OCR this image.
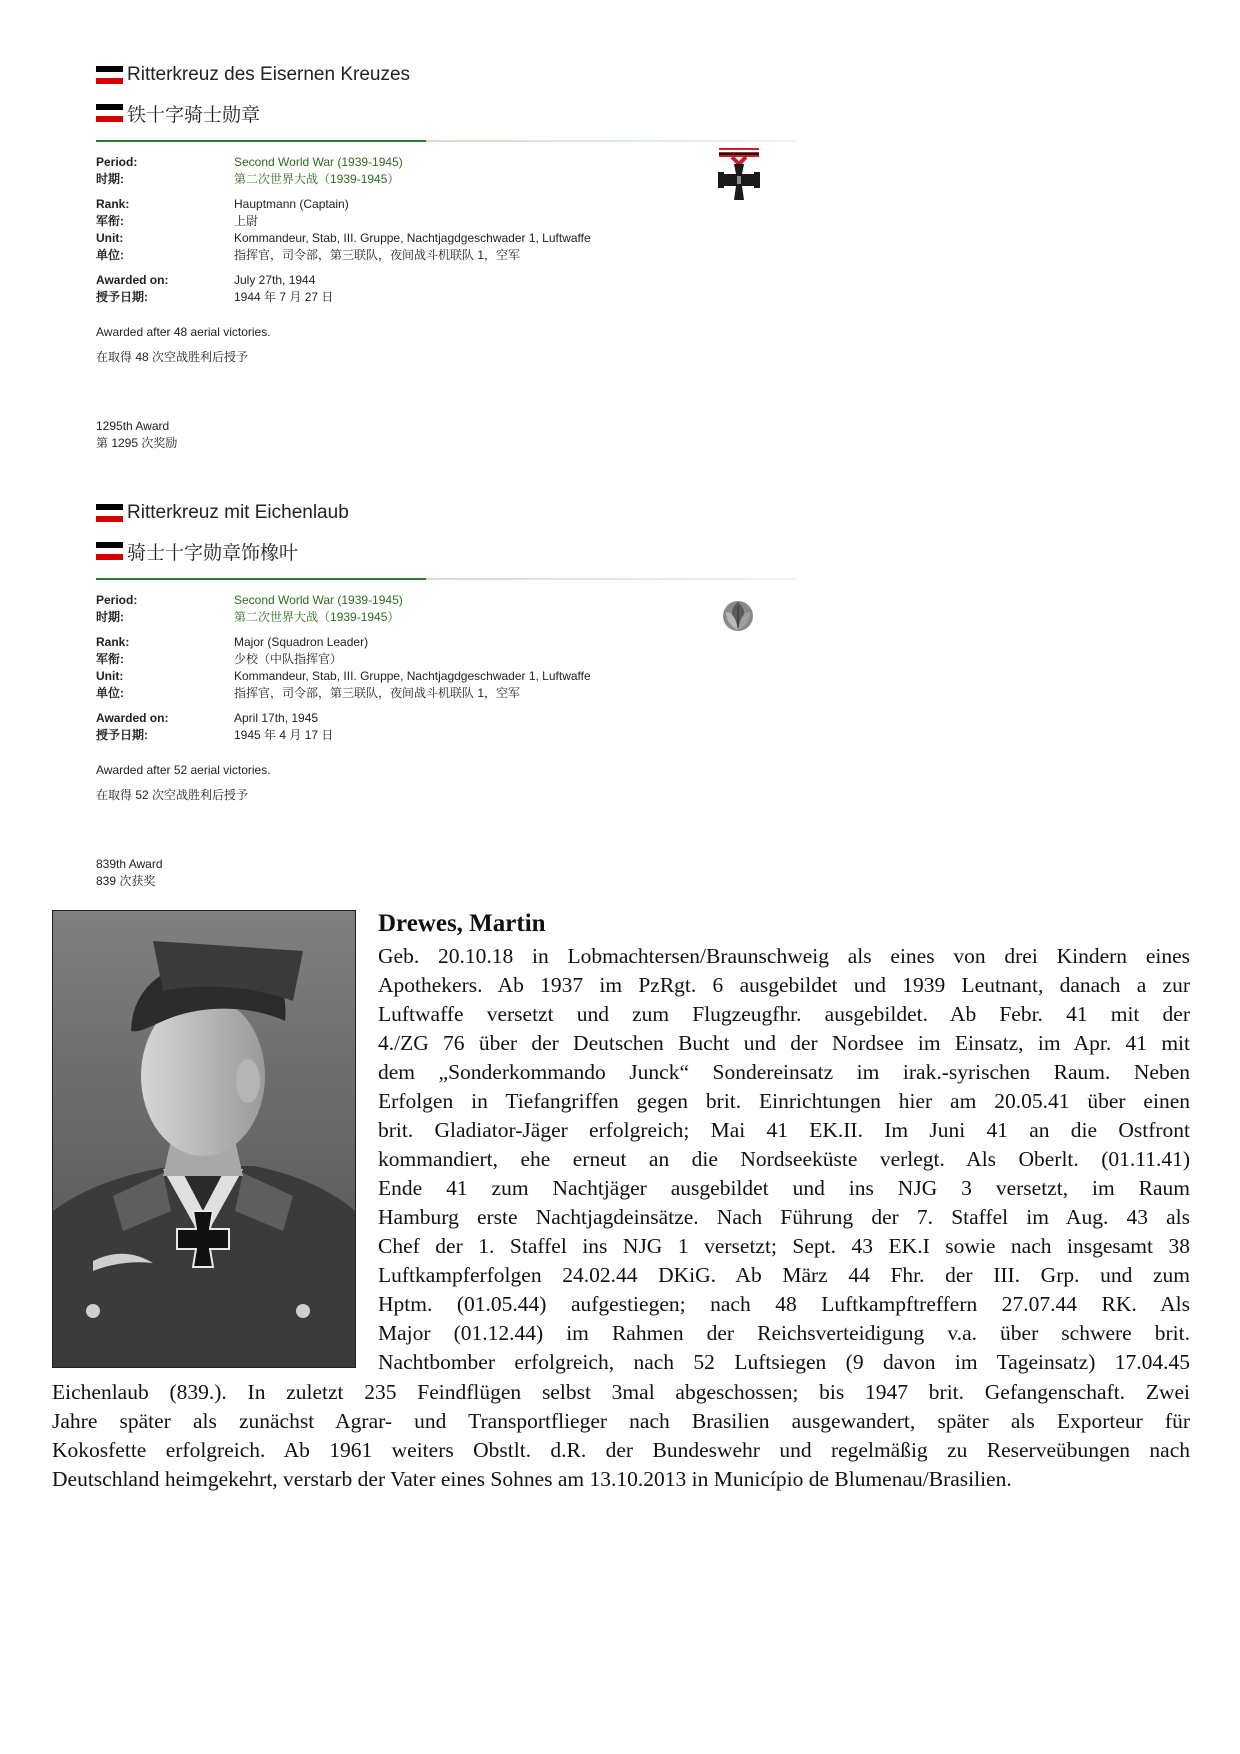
Ritterkreuz des Eisernen Kreuzes
铁十字骑士勋章
Period:	Second World War (1939-1945)
时期:	第二次世界大战（1939-1945）
Rank:	Hauptmann (Captain)
军衔:	上尉
Unit:	Kommandeur, Stab, III. Gruppe, Nachtjagdgeschwader 1, Luftwaffe
单位:	指挥官，司令部，第三联队，夜间战斗机联队 1，空军
Awarded on:	July 27th, 1944
授予日期:	1944 年 7 月 27 日
Awarded after 48 aerial victories.
在取得 48 次空战胜利后授予
1295th Award
第 1295 次奖励
Ritterkreuz mit Eichenlaub
骑士十字勋章饰橡叶
Period:	Second World War (1939-1945)
时期:	第二次世界大战（1939-1945）
Rank:	Major (Squadron Leader)
军衔:	少校（中队指挥官）
Unit:	Kommandeur, Stab, III. Gruppe, Nachtjagdgeschwader 1, Luftwaffe
单位:	指挥官，司令部，第三联队，夜间战斗机联队 1，空军
Awarded on:	April 17th, 1945
授予日期:	1945 年 4 月 17 日
Awarded after 52 aerial victories.
在取得 52 次空战胜利后授予
839th Award
839 次获奖
Drewes, Martin
Geb. 20.10.18 in Lobmachtersen/Braunschweig als eines von drei Kindern eines
Apothekers. Ab 1937 im PzRgt. 6 ausgebildet und 1939 Leutnant, danach a zur
Luftwaffe versetzt und zum Flugzeugfhr. ausgebildet. Ab Febr. 41 mit der
4./ZG 76 über der Deutschen Bucht und der Nordsee im Einsatz, im Apr. 41 mit
dem „Sonderkommando Junck“ Sondereinsatz im irak.-syrischen Raum. Neben
Erfolgen in Tiefangriffen gegen brit. Einrichtungen hier am 20.05.41 über einen
brit. Gladiator-Jäger erfolgreich; Mai 41 EK.II. Im Juni 41 an die Ostfront
kommandiert, ehe erneut an die Nordseeküste verlegt. Als Oberlt. (01.11.41)
Ende 41 zum Nachtjäger ausgebildet und ins NJG 3 versetzt, im Raum
Hamburg erste Nachtjagdeinsätze. Nach Führung der 7. Staffel im Aug. 43 als
Chef der 1. Staffel ins NJG 1 versetzt; Sept. 43 EK.I sowie nach insgesamt 38
Luftkampferfolgen 24.02.44 DKiG. Ab März 44 Fhr. der III. Grp. und zum
Hptm. (01.05.44) aufgestiegen; nach 48 Luftkampftreffern 27.07.44 RK. Als
Major (01.12.44) im Rahmen der Reichsverteidigung v.a. über schwere brit.
Nachtbomber erfolgreich, nach 52 Luftsiegen (9 davon im Tageinsatz) 17.04.45
Eichenlaub (839.). In zuletzt 235 Feindflügen selbst 3mal abgeschossen; bis 1947 brit. Gefangenschaft. Zwei
Jahre später als zunächst Agrar- und Transportflieger nach Brasilien ausgewandert, später als Exporteur für
Kokosfette erfolgreich. Ab 1961 weiters Obstlt. d.R. der Bundeswehr und regelmäßig zu Reserveübungen nach
Deutschland heimgekehrt, verstarb der Vater eines Sohnes am 13.10.2013 in Município de Blumenau/Brasilien.
